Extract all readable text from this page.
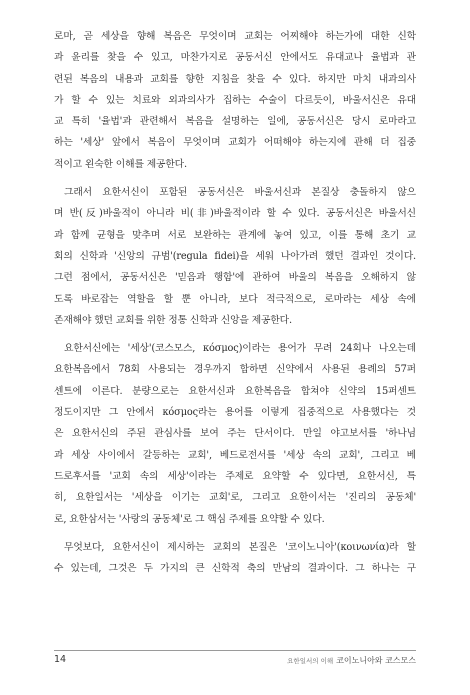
로마, 곧 세상을 향해 복음은 무엇이며 교회는 어찌해야 하는가에 대한 신학
과 윤리를 찾을 수 있고, 마찬가지로 공동서신 안에서도 유대교나 율법과 관
련된 복음의 내용과 교회를 향한 지침을 찾을 수 있다. 하지만 마치 내과의사
가 할 수 있는 치료와 외과의사가 집하는 수술이 다르듯이, 바울서신은 유대
교 특히 '율법'과 관련해서 복음을 설명하는 일에, 공동서신은 당시 로마라고
하는 '세상' 앞에서 복음이 무엇이며 교회가 어떠해야 하는지에 관해 더 집중
적이고 왼숙한 이해를 제공한다.

그래서 요한서신이 포함된 공동서신은 바울서신과 본질상 충돌하지 않으
며 반(反)바울적이 아니라 비(非)바울적이라 할 수 있다. 공동서신은 바울서신
과 함께 균형을 맞추며 서로 보완하는 관계에 놓여 있고, 이를 통해 초기 교
회의 신학과 '신앙의 규범'(regula fidei)을 세워 나아가려 했던 결과인 것이다.
그런 점에서, 공동서신은 '믿음과 행함'에 관하여 바울의 복음을 오해하지 않
도록 바로잡는 역할을 할 뿐 아니라, 보다 적극적으로, 로마라는 세상 속에
존재해야 했던 교회를 위한 정통 신학과 신앙을 제공한다.

요한서신에는 '세상'(코스모스, κόσμος)이라는 용어가 무려 24회나 나오는데
요한복음에서 78회 사용되는 경우까지 합하면 신약에서 사용된 용례의 57퍼
센트에 이른다. 분량으로는 요한서신과 요한복음을 합쳐야 신약의 15퍼센트
정도이지만 그 안에서 κόσμος라는 용어를 이렇게 집중적으로 사용했다는 것
은 요한서신의 주된 관심사를 보여 주는 단서이다. 만일 야고보서를 '하나님
과 세상 사이에서 갈등하는 교회', 베드로전서를 '세상 속의 교회', 그리고 베
드로후서를 '교회 속의 세상'이라는 주제로 요약할 수 있다면, 요한서신, 특
히, 요한일서는 '세상을 이기는 교회'로, 그리고 요한이서는 '진리의 공동체'
로, 요한삼서는 '사랑의 공동체'로 그 핵심 주제를 요약할 수 있다.

무엇보다, 요한서신이 제시하는 교회의 본질은 '코이노니아'(κοινωνία)라 할
수 있는데, 그것은 두 가지의 큰 신학적 축의 만남의 결과이다. 그 하나는 구

14	요한일서의 이해 코이노니아와 코스모스
